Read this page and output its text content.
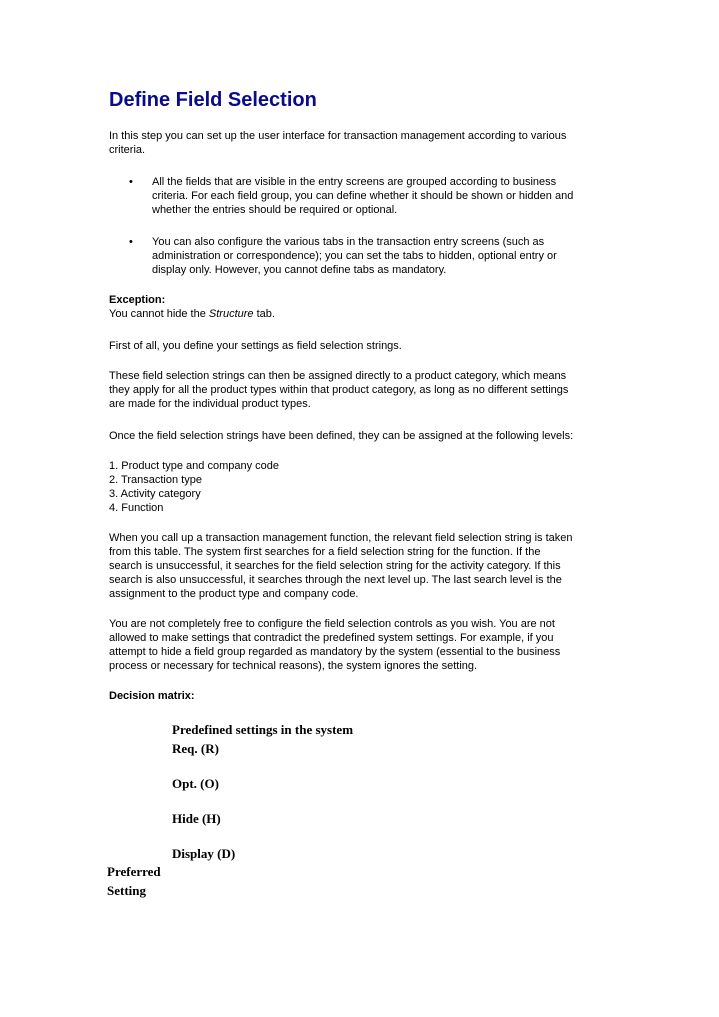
Define Field Selection
In this step you can set up the user interface for transaction management according to various
criteria.
•	All the fields that are visible in the entry screens are grouped according to business
criteria. For each field group, you can define whether it should be shown or hidden and
whether the entries should be required or optional.
•	You can also configure the various tabs in the transaction entry screens (such as
administration or correspondence); you can set the tabs to hidden, optional entry or
display only. However, you cannot define tabs as mandatory.
Exception:
You cannot hide the Structure tab.
First of all, you define your settings as field selection strings.
These field selection strings can then be assigned directly to a product category, which means
they apply for all the product types within that product category, as long as no different settings
are made for the individual product types.
Once the field selection strings have been defined, they can be assigned at the following levels:
1. Product type and company code
2. Transaction type
3. Activity category
4. Function
When you call up a transaction management function, the relevant field selection string is taken
from this table. The system first searches for a field selection string for the function. If the
search is unsuccessful, it searches for the field selection string for the activity category. If this
search is also unsuccessful, it searches through the next level up. The last search level is the
assignment to the product type and company code.
You are not completely free to configure the field selection controls as you wish. You are not
allowed to make settings that contradict the predefined system settings. For example, if you
attempt to hide a field group regarded as mandatory by the system (essential to the business
process or necessary for technical reasons), the system ignores the setting.
Decision matrix:
Predefined settings in the system
Req. (R)
Opt. (O)
Hide (H)
Display (D)
Preferred
Setting
